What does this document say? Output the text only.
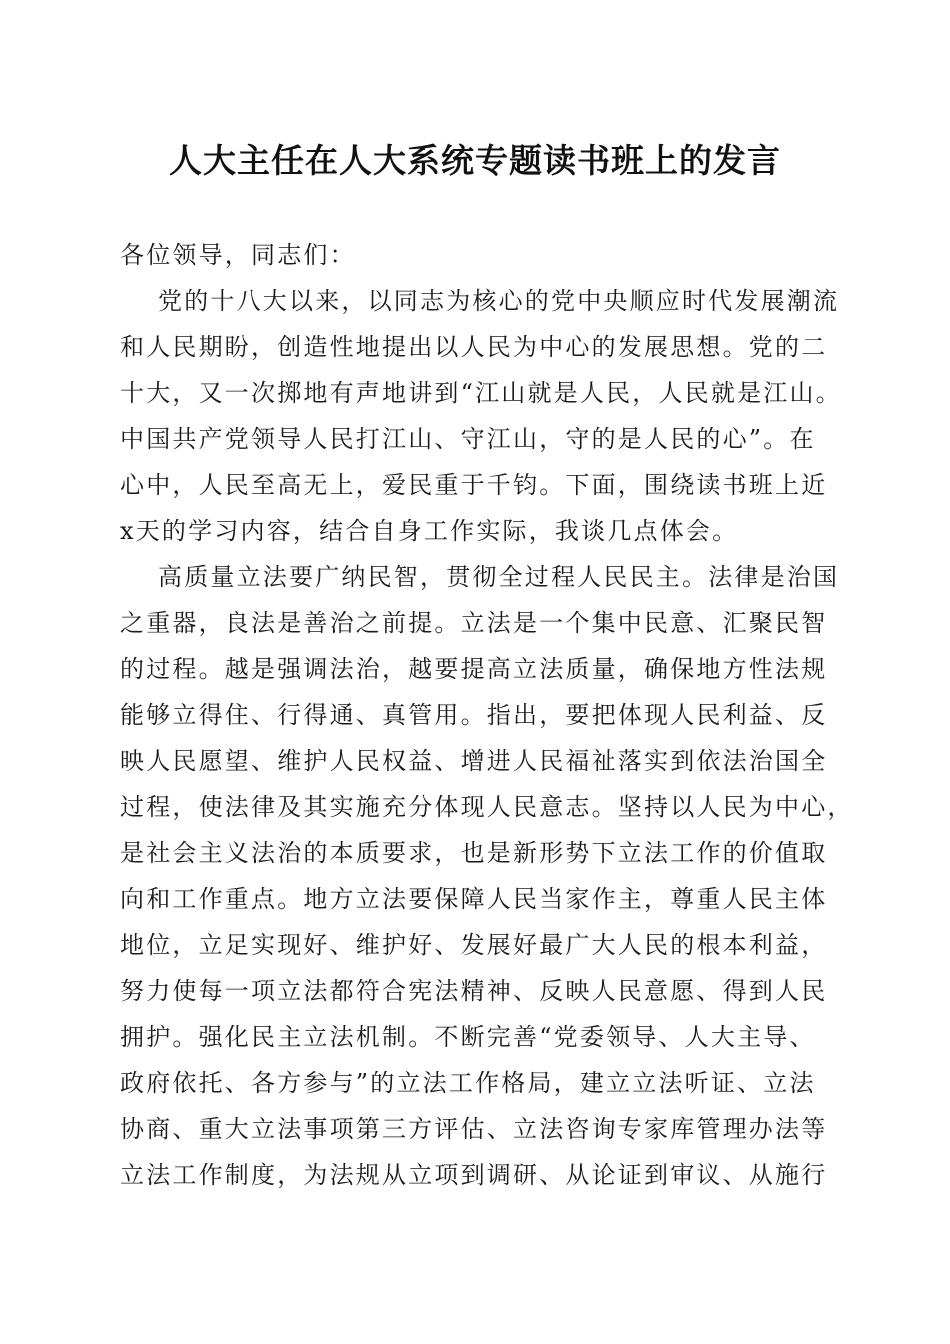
人大主任在人大系统专题读书班上的发言
各位领导，同志们：
党的十八大以来，以同志为核心的党中央顺应时代发展潮流
和人民期盼，创造性地提出以人民为中心的发展思想。党的二
十大，又一次掷地有声地讲到“江山就是人民，人民就是江山。
中国共产党领导人民打江山、守江山，守的是人民的心”。在
心中，人民至高无上，爱民重于千钧。下面，围绕读书班上近
x天的学习内容，结合自身工作实际，我谈几点体会。
高质量立法要广纳民智，贯彻全过程人民民主。法律是治国
之重器，良法是善治之前提。立法是一个集中民意、汇聚民智
的过程。越是强调法治，越要提高立法质量，确保地方性法规
能够立得住、行得通、真管用。指出，要把体现人民利益、反
映人民愿望、维护人民权益、增进人民福祉落实到依法治国全
过程，使法律及其实施充分体现人民意志。坚持以人民为中心，
是社会主义法治的本质要求，也是新形势下立法工作的价值取
向和工作重点。地方立法要保障人民当家作主，尊重人民主体
地位，立足实现好、维护好、发展好最广大人民的根本利益，
努力使每一项立法都符合宪法精神、反映人民意愿、得到人民
拥护。强化民主立法机制。不断完善“党委领导、人大主导、
政府依托、各方参与”的立法工作格局，建立立法听证、立法
协商、重大立法事项第三方评估、立法咨询专家库管理办法等
立法工作制度，为法规从立项到调研、从论证到审议、从施行
